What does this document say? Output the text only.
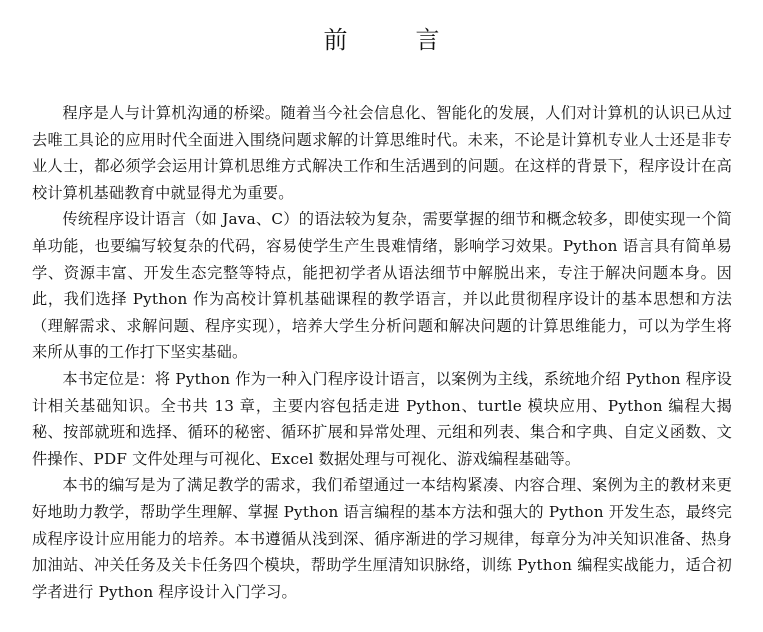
前　言

程序是人与计算机沟通的桥梁。随着当今社会信息化、智能化的发展，人们对计算机的认识已从过去唯工具论的应用时代全面进入围绕问题求解的计算思维时代。未来，不论是计算机专业人士还是非专业人士，都必须学会运用计算机思维方式解决工作和生活遇到的问题。在这样的背景下，程序设计在高校计算机基础教育中就显得尤为重要。

传统程序设计语言（如 Java、C）的语法较为复杂，需要掌握的细节和概念较多，即使实现一个简单功能，也要编写较复杂的代码，容易使学生产生畏难情绪，影响学习效果。Python 语言具有简单易学、资源丰富、开发生态完整等特点，能把初学者从语法细节中解脱出来，专注于解决问题本身。因此，我们选择 Python 作为高校计算机基础课程的教学语言，并以此贯彻程序设计的基本思想和方法（理解需求、求解问题、程序实现），培养大学生分析问题和解决问题的计算思维能力，可以为学生将来所从事的工作打下坚实基础。

本书定位是：将 Python 作为一种入门程序设计语言，以案例为主线，系统地介绍 Python 程序设计相关基础知识。全书共 13 章，主要内容包括走进 Python、turtle 模块应用、Python 编程大揭秘、按部就班和选择、循环的秘密、循环扩展和异常处理、元组和列表、集合和字典、自定义函数、文件操作、PDF 文件处理与可视化、Excel 数据处理与可视化、游戏编程基础等。

本书的编写是为了满足教学的需求，我们希望通过一本结构紧凑、内容合理、案例为主的教材来更好地助力教学，帮助学生理解、掌握 Python 语言编程的基本方法和强大的 Python 开发生态，最终完成程序设计应用能力的培养。本书遵循从浅到深、循序渐进的学习规律，每章分为冲关知识准备、热身加油站、冲关任务及关卡任务四个模块，帮助学生厘清知识脉络，训练 Python 编程实战能力，适合初学者进行 Python 程序设计入门学习。
